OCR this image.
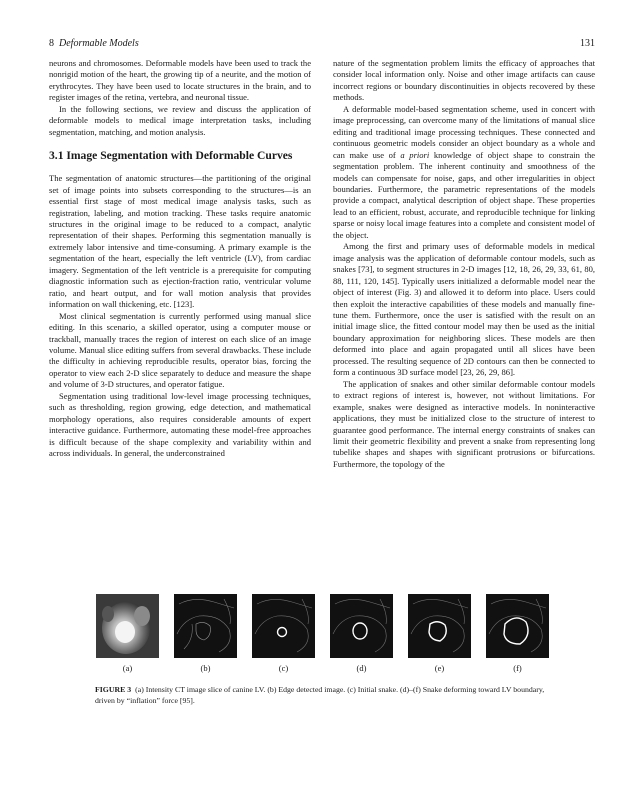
8 Deformable Models	131

neurons and chromosomes. Deformable models have been used to track the nonrigid motion of the heart, the growing tip of a neurite, and the motion of erythrocytes. They have been used to locate structures in the brain, and to register images of the retina, vertebra, and neuronal tissue.

In the following sections, we review and discuss the application of deformable models to medical image interpretation tasks, including segmentation, matching, and motion analysis.

3.1 Image Segmentation with Deformable Curves

The segmentation of anatomic structures—the partitioning of the original set of image points into subsets corresponding to the structures—is an essential first stage of most medical image analysis tasks, such as registration, labeling, and motion tracking. These tasks require anatomic structures in the original image to be reduced to a compact, analytic representation of their shapes. Performing this segmentation manually is extremely labor intensive and time-consuming. A primary example is the segmentation of the heart, especially the left ventricle (LV), from cardiac imagery. Segmentation of the left ventricle is a prerequisite for computing diagnostic information such as ejection-fraction ratio, ventricular volume ratio, and heart output, and for wall motion analysis that provides information on wall thickening, etc. [123].

Most clinical segmentation is currently performed using manual slice editing. In this scenario, a skilled operator, using a computer mouse or trackball, manually traces the region of interest on each slice of an image volume. Manual slice editing suffers from several drawbacks. These include the difficulty in achieving reproducible results, operator bias, forcing the operator to view each 2-D slice separately to deduce and measure the shape and volume of 3-D structures, and operator fatigue.

Segmentation using traditional low-level image processing techniques, such as thresholding, region growing, edge detection, and mathematical morphology operations, also requires considerable amounts of expert interactive guidance. Furthermore, automating these model-free approaches is difficult because of the shape complexity and variability within and across individuals. In general, the underconstrained

nature of the segmentation problem limits the efficacy of approaches that consider local information only. Noise and other image artifacts can cause incorrect regions or boundary discontinuities in objects recovered by these methods.

A deformable model-based segmentation scheme, used in concert with image preprocessing, can overcome many of the limitations of manual slice editing and traditional image processing techniques. These connected and continuous geometric models consider an object boundary as a whole and can make use of a priori knowledge of object shape to constrain the segmentation problem. The inherent continuity and smoothness of the models can compensate for noise, gaps, and other irregularities in object boundaries. Furthermore, the parametric representations of the models provide a compact, analytical description of object shape. These properties lead to an efficient, robust, accurate, and reproducible technique for linking sparse or noisy local image features into a complete and consistent model of the object.

Among the first and primary uses of deformable models in medical image analysis was the application of deformable contour models, such as snakes [73], to segment structures in 2-D images [12, 18, 26, 29, 33, 61, 80, 88, 111, 120, 145]. Typically users initialized a deformable model near the object of interest (Fig. 3) and allowed it to deform into place. Users could then exploit the interactive capabilities of these models and manually fine-tune them. Furthermore, once the user is satisfied with the result on an initial image slice, the fitted contour model may then be used as the initial boundary approximation for neighboring slices. These models are then deformed into place and again propagated until all slices have been processed. The resulting sequence of 2D contours can then be connected to form a continuous 3D surface model [23, 26, 29, 86].

The application of snakes and other similar deformable contour models to extract regions of interest is, however, not without limitations. For example, snakes were designed as interactive models. In noninteractive applications, they must be initialized close to the structure of interest to guarantee good performance. The internal energy constraints of snakes can limit their geometric flexibility and prevent a snake from representing long tubelike shapes and shapes with significant protrusions or bifurcations. Furthermore, the topology of the

(a)	(b)	(c)	(d)	(e)	(f)
FIGURE 3 (a) Intensity CT image slice of canine LV. (b) Edge detected image. (c) Initial snake. (d)–(f) Snake deforming toward LV boundary, driven by “inflation” force [95].
